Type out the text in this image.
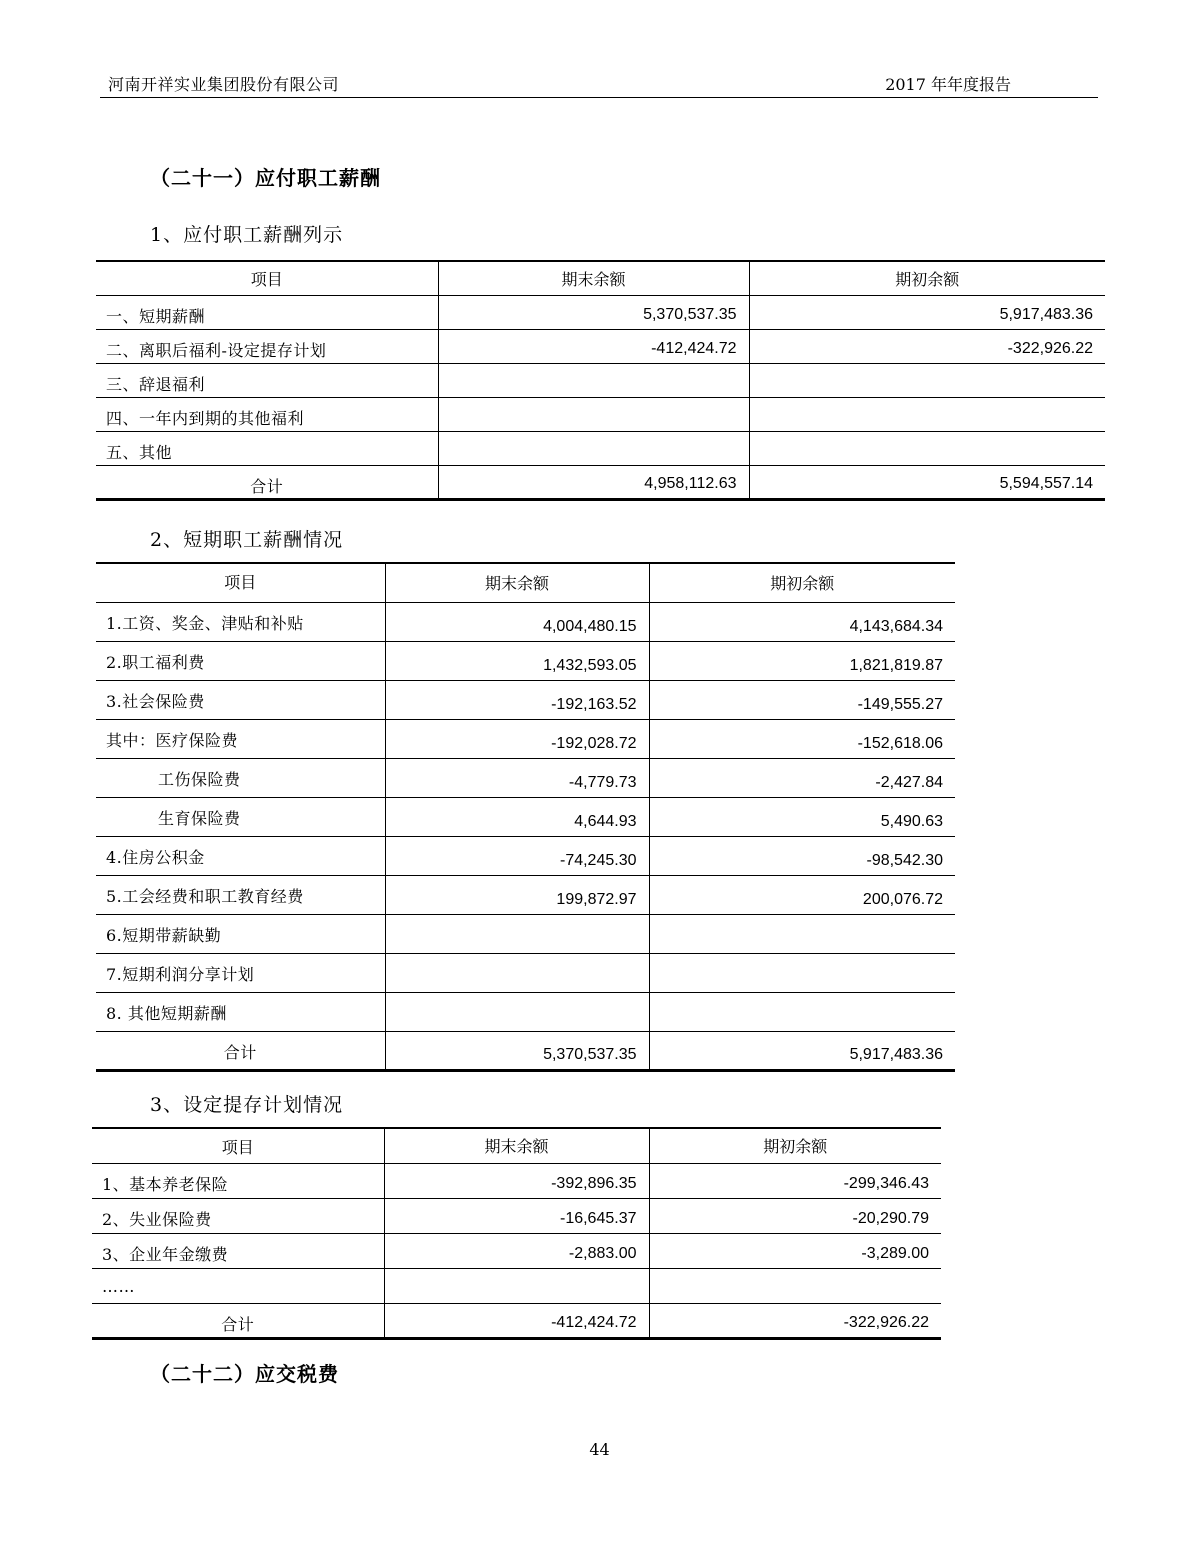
河南开祥实业集团股份有限公司	2017 年年度报告
（二十一）应付职工薪酬
1、应付职工薪酬列示
项目	期末余额	期初余额
一、短期薪酬	5,370,537.35	5,917,483.36
二、离职后福利-设定提存计划	-412,424.72	-322,926.22
三、辞退福利		
四、一年内到期的其他福利		
五、其他		
合计	4,958,112.63	5,594,557.14
2、短期职工薪酬情况
项目	期末余额	期初余额
1.工资、奖金、津贴和补贴	4,004,480.15	4,143,684.34
2.职工福利费	1,432,593.05	1,821,819.87
3.社会保险费	-192,163.52	-149,555.27
其中：医疗保险费	-192,028.72	-152,618.06
工伤保险费	-4,779.73	-2,427.84
生育保险费	4,644.93	5,490.63
4.住房公积金	-74,245.30	-98,542.30
5.工会经费和职工教育经费	199,872.97	200,076.72
6.短期带薪缺勤		
7.短期利润分享计划		
8. 其他短期薪酬		
合计	5,370,537.35	5,917,483.36
3、设定提存计划情况
项目	期末余额	期初余额
1、基本养老保险	-392,896.35	-299,346.43
2、失业保险费	-16,645.37	-20,290.79
3、企业年金缴费	-2,883.00	-3,289.00
……		
合计	-412,424.72	-322,926.22
（二十二）应交税费
44
